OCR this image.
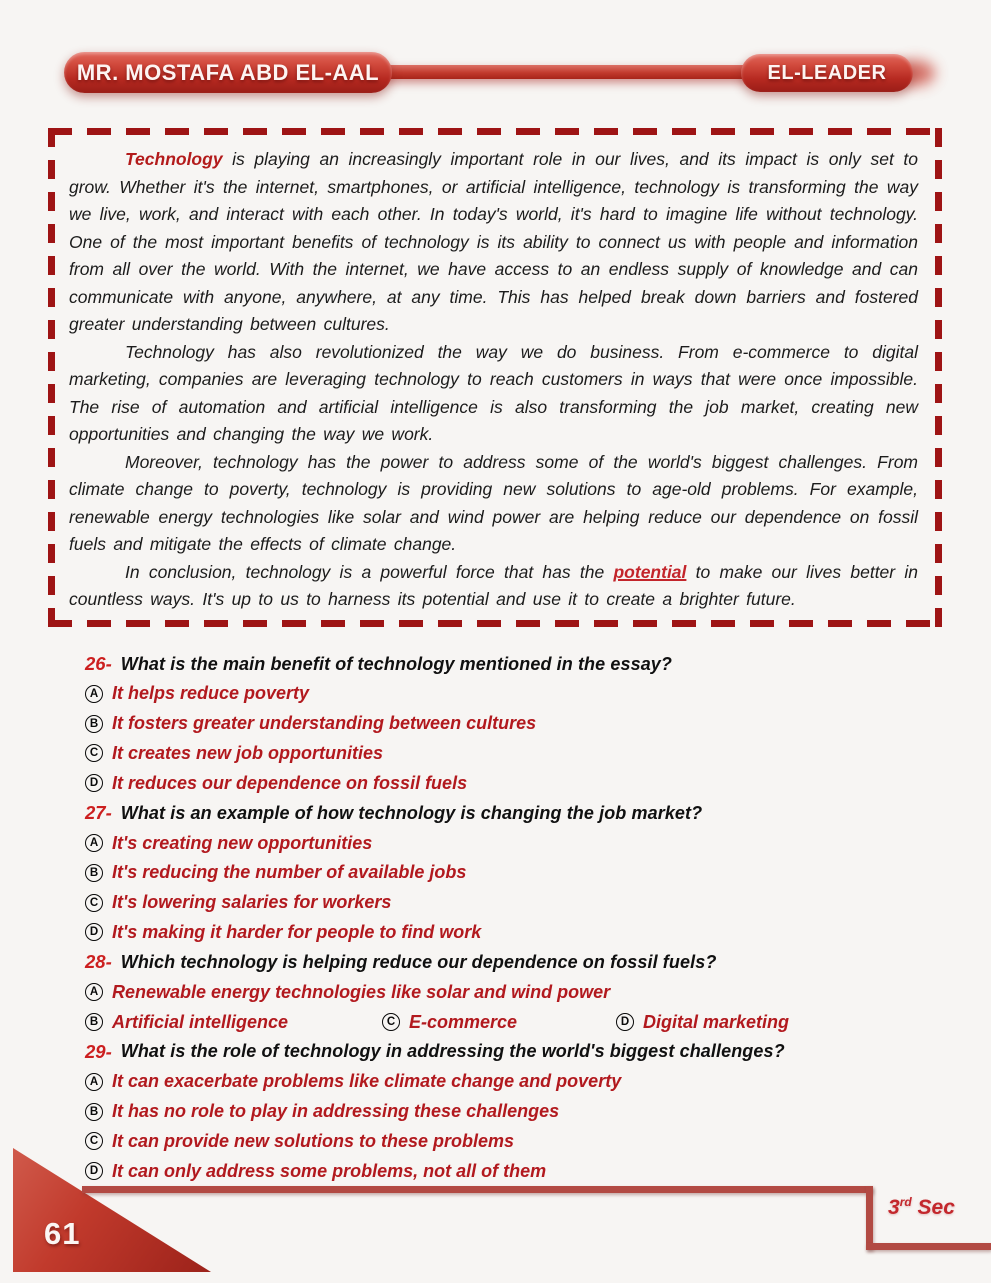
MR. MOSTAFA ABD EL-AAL	EL-LEADER

Technology is playing an increasingly important role in our lives, and its impact is only set to grow. Whether it's the internet, smartphones, or artificial intelligence, technology is transforming the way we live, work, and interact with each other. In today's world, it's hard to imagine life without technology. One of the most important benefits of technology is its ability to connect us with people and information from all over the world. With the internet, we have access to an endless supply of knowledge and can communicate with anyone, anywhere, at any time. This has helped break down barriers and fostered greater understanding between cultures.

Technology has also revolutionized the way we do business. From e-commerce to digital marketing, companies are leveraging technology to reach customers in ways that were once impossible. The rise of automation and artificial intelligence is also transforming the job market, creating new opportunities and changing the way we work.

Moreover, technology has the power to address some of the world's biggest challenges. From climate change to poverty, technology is providing new solutions to age-old problems. For example, renewable energy technologies like solar and wind power are helping reduce our dependence on fossil fuels and mitigate the effects of climate change.

In conclusion, technology is a powerful force that has the potential to make our lives better in countless ways. It's up to us to harness its potential and use it to create a brighter future.

26- What is the main benefit of technology mentioned in the essay?
A It helps reduce poverty
B It fosters greater understanding between cultures
C It creates new job opportunities
D It reduces our dependence on fossil fuels
27- What is an example of how technology is changing the job market?
A It's creating new opportunities
B It's reducing the number of available jobs
C It's lowering salaries for workers
D It's making it harder for people to find work
28- Which technology is helping reduce our dependence on fossil fuels?
A Renewable energy technologies like solar and wind power
B Artificial intelligence	C E-commerce	D Digital marketing
29- What is the role of technology in addressing the world's biggest challenges?
A It can exacerbate problems like climate change and poverty
B It has no role to play in addressing these challenges
C It can provide new solutions to these problems
D It can only address some problems, not all of them
61
3rd Sec
